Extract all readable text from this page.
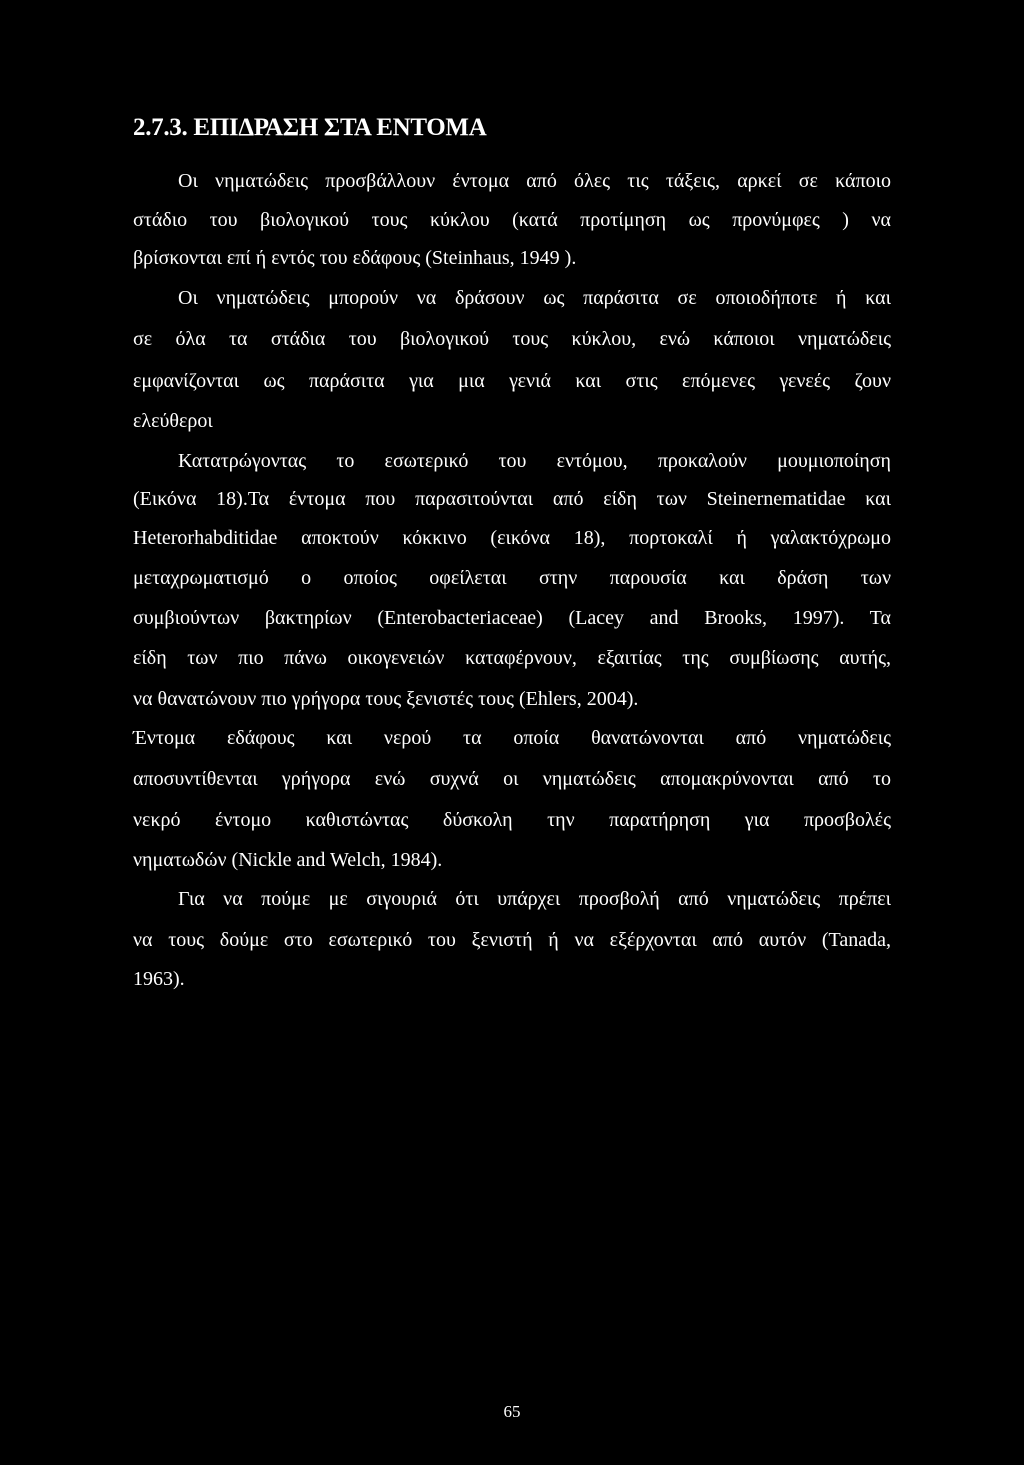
2.7.3. ΕΠΙΔΡΑΣΗ ΣΤΑ ΕΝΤΟΜΑ
Οι νηματώδεις προσβάλλουν έντομα από όλες τις τάξεις, αρκεί σε κάποιο
στάδιο του βιολογικού τους κύκλου (κατά προτίμηση ως προνύμφες ) να
βρίσκονται επί ή εντός του εδάφους (Steinhaus, 1949 ).
Οι νηματώδεις μπορούν να δράσουν ως παράσιτα σε οποιοδήποτε ή και
σε όλα τα στάδια του βιολογικού τους κύκλου, ενώ κάποιοι νηματώδεις
εμφανίζονται ως παράσιτα για μια γενιά και στις επόμενες γενεές ζουν
ελεύθεροι
Κατατρώγοντας το εσωτερικό του εντόμου, προκαλούν μουμιοποίηση
(Εικόνα 18).Τα έντομα που παρασιτούνται από είδη των Steinernematidae και
Heterorhabditidae αποκτούν κόκκινο (εικόνα 18), πορτοκαλί ή γαλακτόχρωμο
μεταχρωματισμό ο οποίος οφείλεται στην παρουσία και δράση των
συμβιούντων βακτηρίων (Enterobacteriaceae) (Lacey and Brooks, 1997). Τα
είδη των πιο πάνω οικογενειών καταφέρνουν, εξαιτίας της συμβίωσης αυτής,
να θανατώνουν πιο γρήγορα τους ξενιστές τους (Ehlers, 2004).
Έντομα εδάφους και νερού τα οποία θανατώνονται από νηματώδεις
αποσυντίθενται γρήγορα ενώ συχνά οι νηματώδεις απομακρύνονται από το
νεκρό έντομο καθιστώντας δύσκολη την παρατήρηση για προσβολές
νηματωδών (Nickle and Welch, 1984).
Για να πούμε με σιγουριά ότι υπάρχει προσβολή από νηματώδεις πρέπει
να τους δούμε στο εσωτερικό του ξενιστή ή να εξέρχονται από αυτόν (Tanada,
1963).
65
